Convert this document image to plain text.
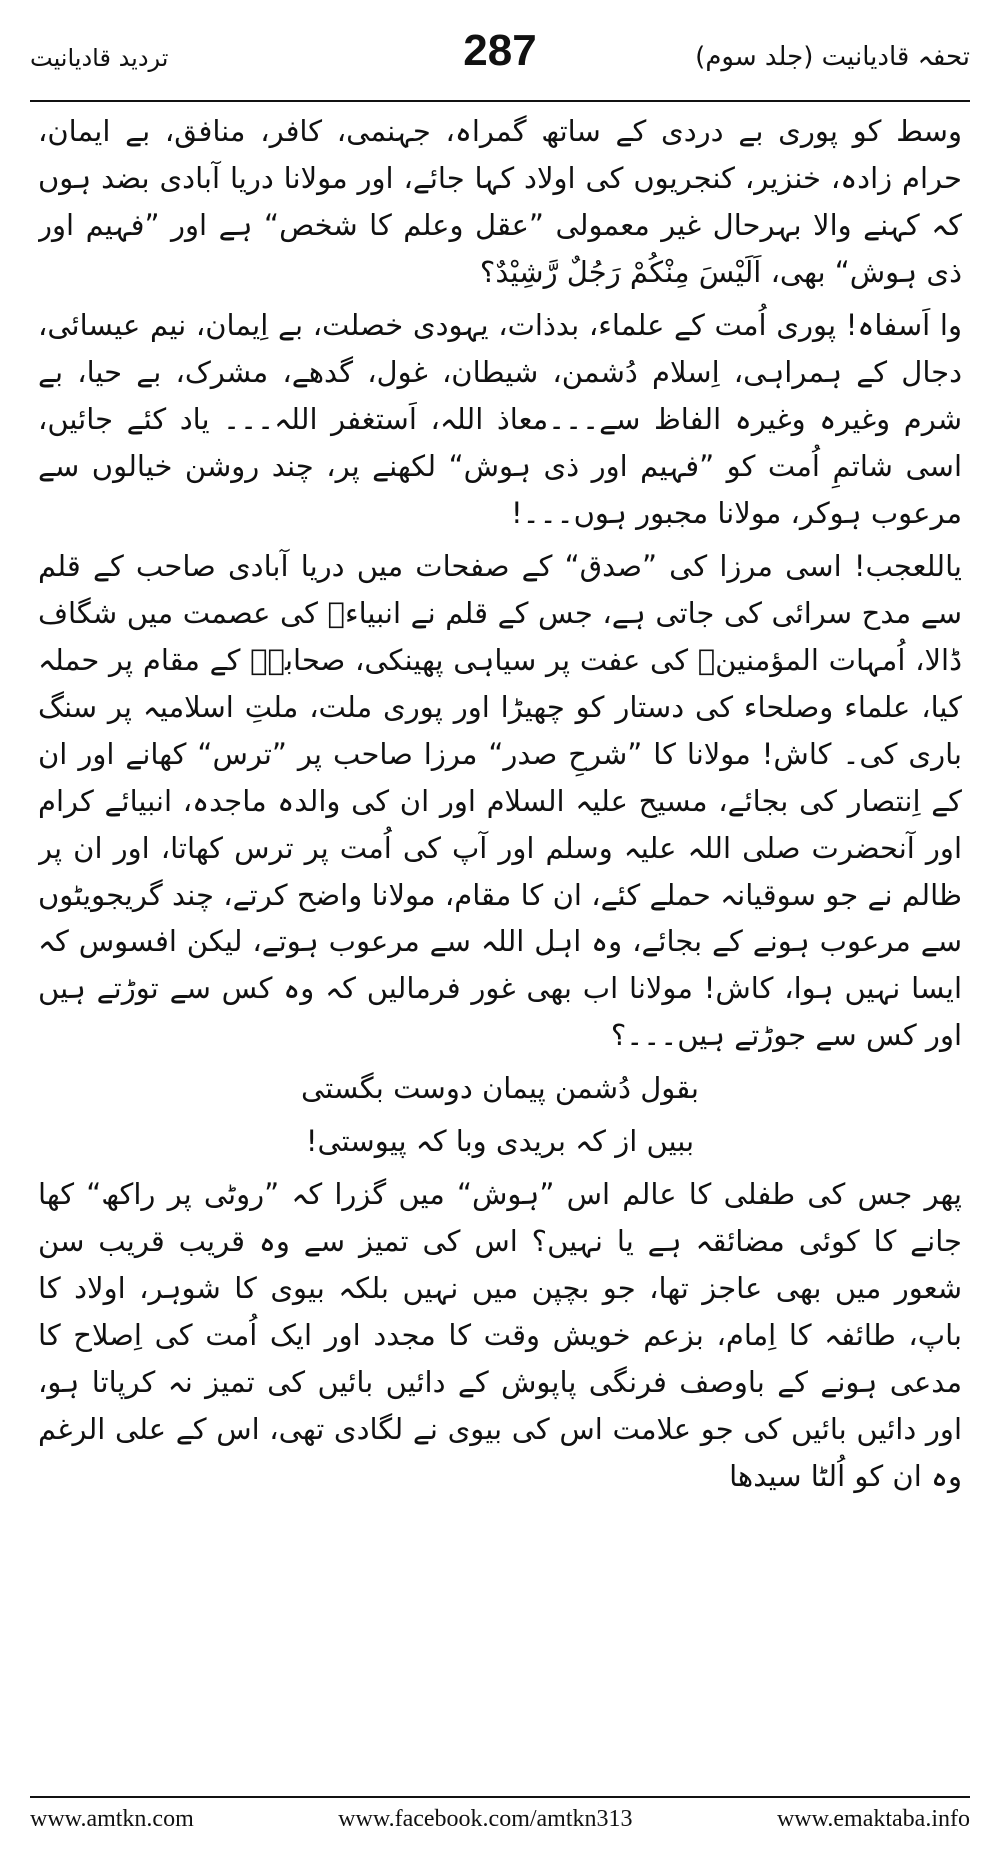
تحفہ قادیانیت (جلد سوم)
287
تردید قادیانیت

وسط کو پوری بے دردی کے ساتھ گمراہ، جہنمی، کافر، منافق، بے ایمان، حرام زادہ، خنزیر، کنجریوں کی اولاد کہا جائے، اور مولانا دریا آبادی بضد ہوں کہ کہنے والا بہرحال غیر معمولی ”عقل وعلم کا شخص“ ہے اور ”فہیم اور ذی ہوش“ بھی، اَلَیْسَ مِنْکُمْ رَجُلٌ رَّشِیْدٌ؟

وا اَسفاہ! پوری اُمت کے علماء، بدذات، یہودی خصلت، بے اِیمان، نیم عیسائی، دجال کے ہمراہی، اِسلام دُشمن، شیطان، غول، گدھے، مشرک، بے حیا، بے شرم وغیرہ وغیرہ الفاظ سے۔۔۔معاذ اللہ، اَستغفر اللہ۔۔۔ یاد کئے جائیں، اسی شاتمِ اُمت کو ”فہیم اور ذی ہوش“ لکھنے پر، چند روشن خیالوں سے مرعوب ہوکر، مولانا مجبور ہوں۔۔۔!

یاللعجب! اسی مرزا کی ”صدق“ کے صفحات میں دریا آبادی صاحب کے قلم سے مدح سرائی کی جاتی ہے، جس کے قلم نے انبیاءؑ کی عصمت میں شگاف ڈالا، اُمہات المؤمنینؓ کی عفت پر سیاہی پھینکی، صحابہؓ کے مقام پر حملہ کیا، علماء وصلحاء کی دستار کو چھیڑا اور پوری ملت، ملتِ اسلامیہ پر سنگ باری کی۔ کاش! مولانا کا ”شرحِ صدر“ مرزا صاحب پر ”ترس“ کھانے اور ان کے اِنتصار کی بجائے، مسیح علیہ السلام اور ان کی والدہ ماجدہ، انبیائے کرام اور آنحضرت صلی اللہ علیہ وسلم اور آپ کی اُمت پر ترس کھاتا، اور ان پر ظالم نے جو سوقیانہ حملے کئے، ان کا مقام، مولانا واضح کرتے، چند گریجویٹوں سے مرعوب ہونے کے بجائے، وہ اہل اللہ سے مرعوب ہوتے، لیکن افسوس کہ ایسا نہیں ہوا، کاش! مولانا اب بھی غور فرمالیں کہ وہ کس سے توڑتے ہیں اور کس سے جوڑتے ہیں۔۔۔؟

بقول دُشمن پیمان دوست بگستی

ببیں از کہ بریدی وبا کہ پیوستی!

پھر جس کی طفلی کا عالم اس ”ہوش“ میں گزرا کہ ”روٹی پر راکھ“ کھا جانے کا کوئی مضائقہ ہے یا نہیں؟ اس کی تمیز سے وہ قریب قریب سن شعور میں بھی عاجز تھا، جو بچپن میں نہیں بلکہ بیوی کا شوہر، اولاد کا باپ، طائفہ کا اِمام، بزعم خویش وقت کا مجدد اور ایک اُمت کی اِصلاح کا مدعی ہونے کے باوصف فرنگی پاپوش کے دائیں بائیں کی تمیز نہ کرپاتا ہو، اور دائیں بائیں کی جو علامت اس کی بیوی نے لگادی تھی، اس کے علی الرغم وہ ان کو اُلٹا سیدھا

www.amtkn.com	www.facebook.com/amtkn313	www.emaktaba.info
